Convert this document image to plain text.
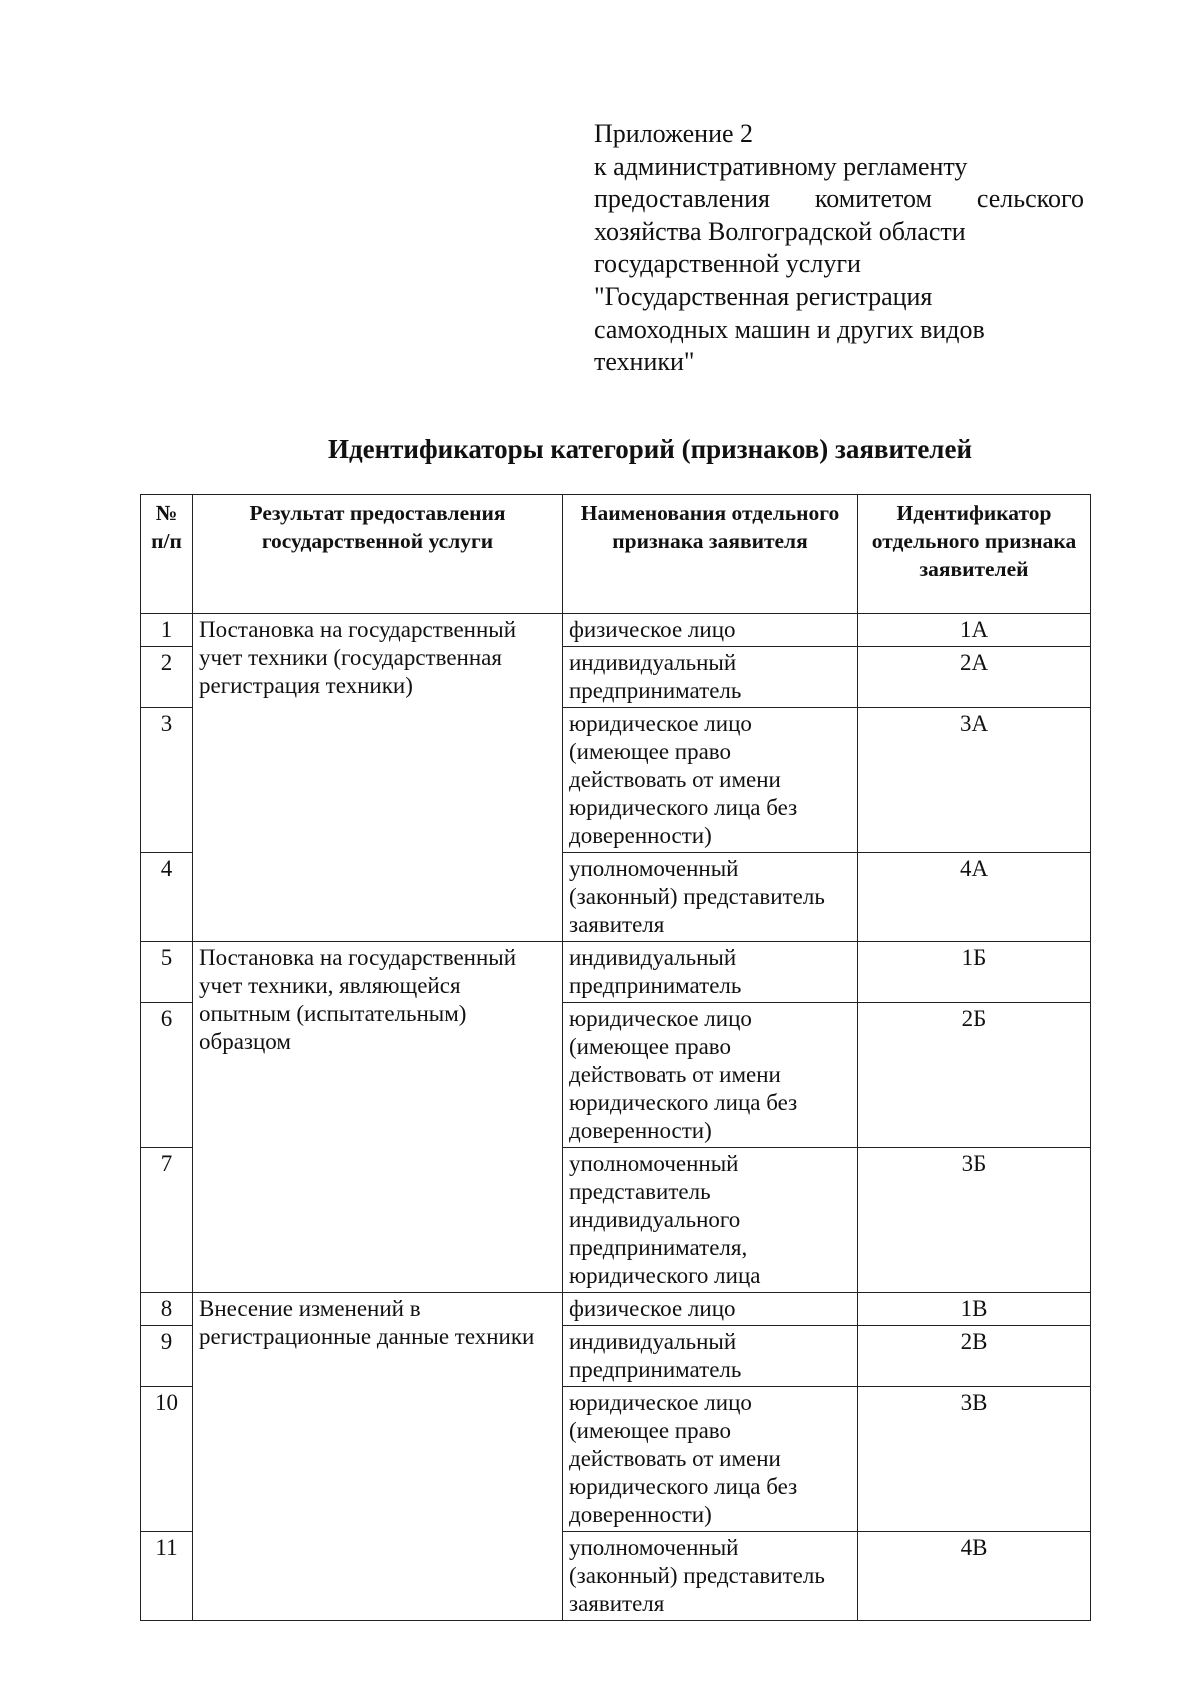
Приложение 2
к административному регламенту
предоставления комитетом сельского
хозяйства Волгоградской области
государственной услуги
"Государственная регистрация
самоходных машин и других видов
техники"
Идентификаторы категорий (признаков) заявителей
№ п/п	Результат предоставления государственной услуги	Наименования отдельного признака заявителя	Идентификатор отдельного признака заявителей
1	Постановка на государственный учет техники (государственная регистрация техники)	физическое лицо	1А
2		индивидуальный предприниматель	2А
3		юридическое лицо (имеющее право действовать от имени юридического лица без доверенности)	3А
4		уполномоченный (законный) представитель заявителя	4А
5	Постановка на государственный учет техники, являющейся опытным (испытательным) образцом	индивидуальный предприниматель	1Б
6		юридическое лицо (имеющее право действовать от имени юридического лица без доверенности)	2Б
7		уполномоченный представитель индивидуального предпринимателя, юридического лица	3Б
8	Внесение изменений в регистрационные данные техники	физическое лицо	1В
9		индивидуальный предприниматель	2В
10		юридическое лицо (имеющее право действовать от имени юридического лица без доверенности)	3В
11		уполномоченный (законный) представитель заявителя	4В
